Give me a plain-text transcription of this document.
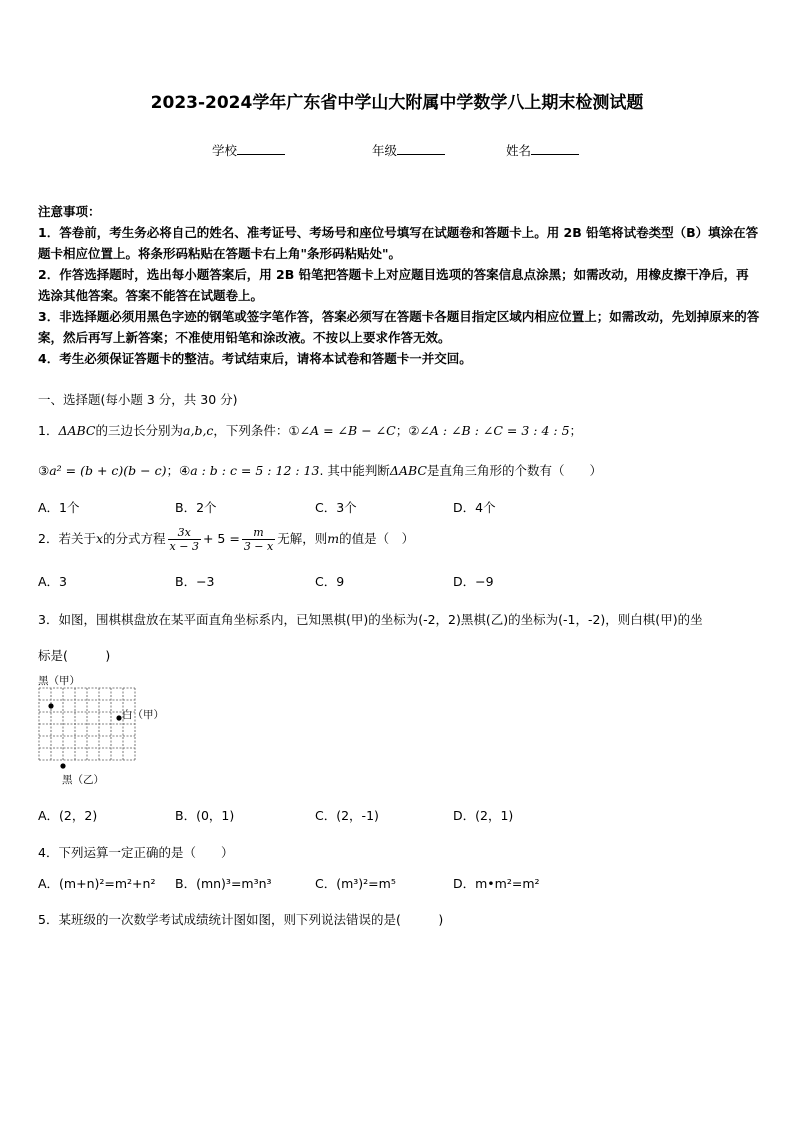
2023-2024学年广东省中学山大附属中学数学八上期末检测试题
学校	年级	姓名
注意事项：
1．答卷前，考生务必将自己的姓名、准考证号、考场号和座位号填写在试题卷和答题卡上。用 2B 铅笔将试卷类型（B）填涂在答题卡相应位置上。将条形码粘贴在答题卡右上角"条形码粘贴处"。
2．作答选择题时，选出每小题答案后，用 2B 铅笔把答题卡上对应题目选项的答案信息点涂黑；如需改动，用橡皮擦干净后，再选涂其他答案。答案不能答在试题卷上。
3．非选择题必须用黑色字迹的钢笔或签字笔作答，答案必须写在答题卡各题目指定区域内相应位置上；如需改动，先划掉原来的答案，然后再写上新答案；不准使用铅笔和涂改液。不按以上要求作答无效。
4．考生必须保证答题卡的整洁。考试结束后，请将本试卷和答题卡一并交回。
一、选择题(每小题 3 分，共 30 分)
1．ΔABC的三边长分别为a,b,c，下列条件：①∠A = ∠B − ∠C；②∠A : ∠B : ∠C = 3 : 4 : 5；
③a² = (b + c)(b − c)；④a : b : c = 5 : 12 : 13. 其中能判断ΔABC是直角三角形的个数有（　　）
A．1个	B．2个	C．3个	D．4个
2．若关于x的分式方程 $\frac{3x}{x - 3} + 5 = \frac{m}{3 - x}$ 无解，则m的值是（　）
A．3	B．−3	C．9	D．−9
3．如图，围棋棋盘放在某平面直角坐标系内，已知黑棋(甲)的坐标为(-2，2)黑棋(乙)的坐标为(-1，-2)，则白棋(甲)的坐
标是(　　　)
黑（甲）
白（甲）
黑（乙）
A．(2，2)	B．(0，1)	C．(2，-1)	D．(2，1)
4．下列运算一定正确的是（　　）
A．(m+n)²=m²+n² B．(mn)³=m³n³	C．(m³)²=m⁵	D．m•m²=m²
5．某班级的一次数学考试成绩统计图如图，则下列说法错误的是(　　　)
